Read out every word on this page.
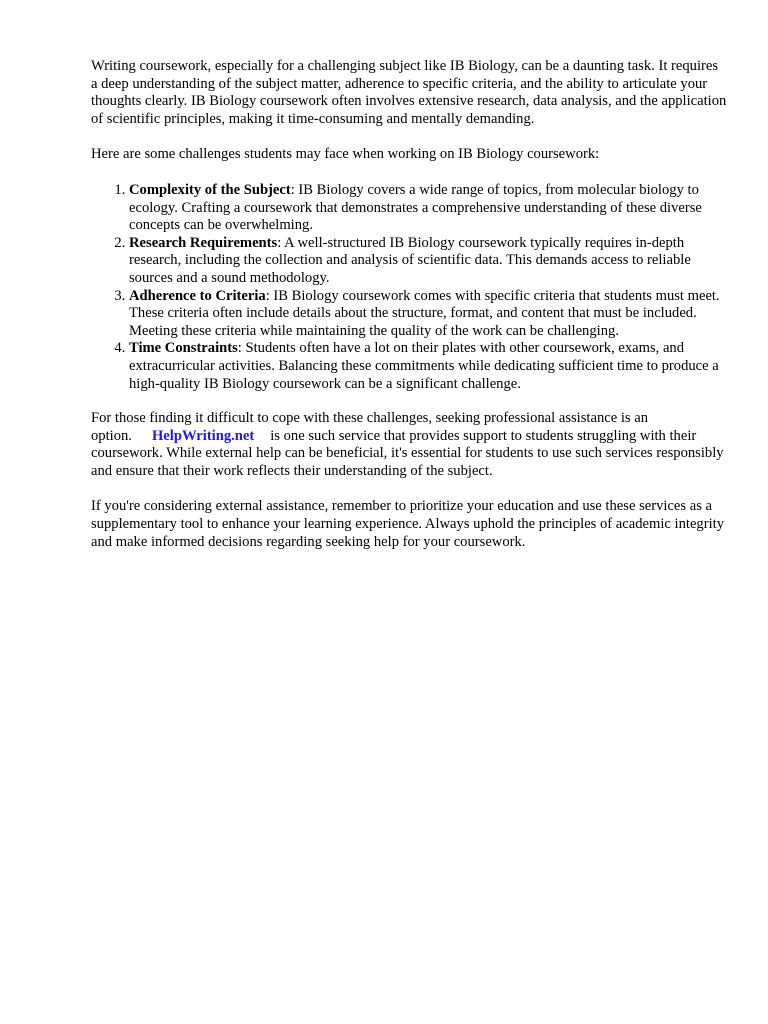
Writing coursework, especially for a challenging subject like IB Biology, can be a daunting task. It requires a deep understanding of the subject matter, adherence to specific criteria, and the ability to articulate your thoughts clearly. IB Biology coursework often involves extensive research, data analysis, and the application of scientific principles, making it time-consuming and mentally demanding.

Here are some challenges students may face when working on IB Biology coursework:

1. Complexity of the Subject: IB Biology covers a wide range of topics, from molecular biology to ecology. Crafting a coursework that demonstrates a comprehensive understanding of these diverse concepts can be overwhelming.
2. Research Requirements: A well-structured IB Biology coursework typically requires in-depth research, including the collection and analysis of scientific data. This demands access to reliable sources and a sound methodology.
3. Adherence to Criteria: IB Biology coursework comes with specific criteria that students must meet. These criteria often include details about the structure, format, and content that must be included. Meeting these criteria while maintaining the quality of the work can be challenging.
4. Time Constraints: Students often have a lot on their plates with other coursework, exams, and extracurricular activities. Balancing these commitments while dedicating sufficient time to produce a high-quality IB Biology coursework can be a significant challenge.

For those finding it difficult to cope with these challenges, seeking professional assistance is an option. HelpWriting.net is one such service that provides support to students struggling with their coursework. While external help can be beneficial, it's essential for students to use such services responsibly and ensure that their work reflects their understanding of the subject.

If you're considering external assistance, remember to prioritize your education and use these services as a supplementary tool to enhance your learning experience. Always uphold the principles of academic integrity and make informed decisions regarding seeking help for your coursework.
